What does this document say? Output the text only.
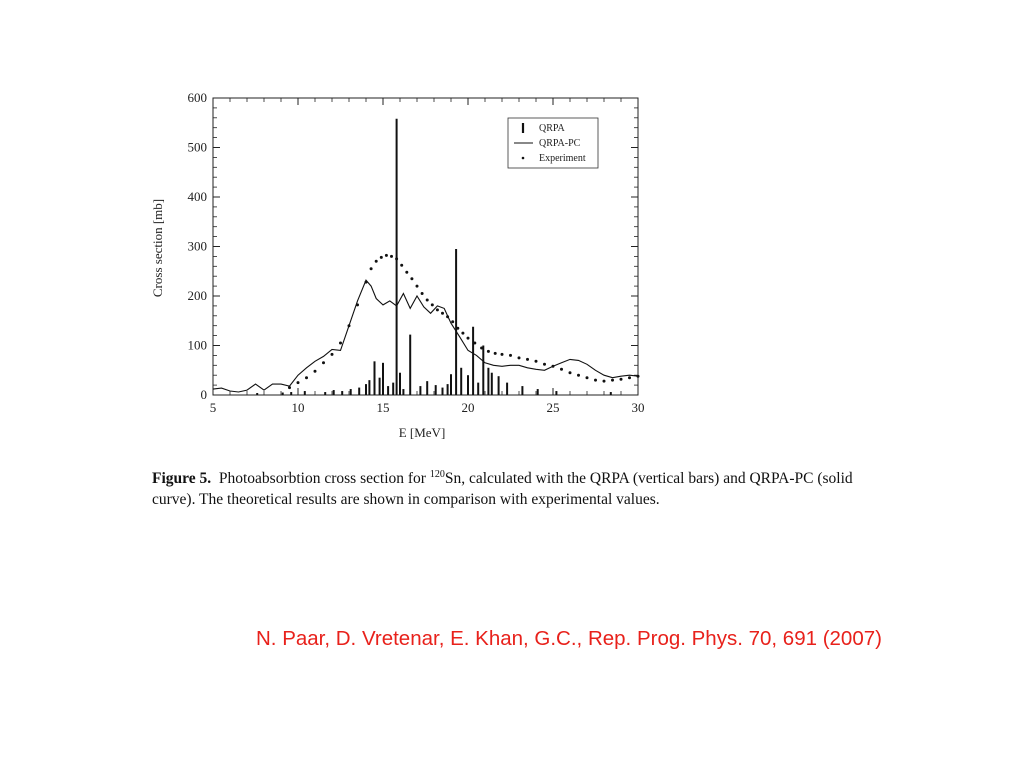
0
100
200
300
400
500
600
5	10	15	20	25	30
E [MeV]
Cross section [mb]
QRPA
QRPA-PC
Experiment
Figure 5. Photoabsorbtion cross section for $^{120}$Sn, calculated with the QRPA (vertical bars) and QRPA-PC (solid curve). The theoretical results are shown in comparison with experimental values.
N. Paar, D. Vretenar, E. Khan, G.C., Rep. Prog. Phys. 70, 691 (2007)
